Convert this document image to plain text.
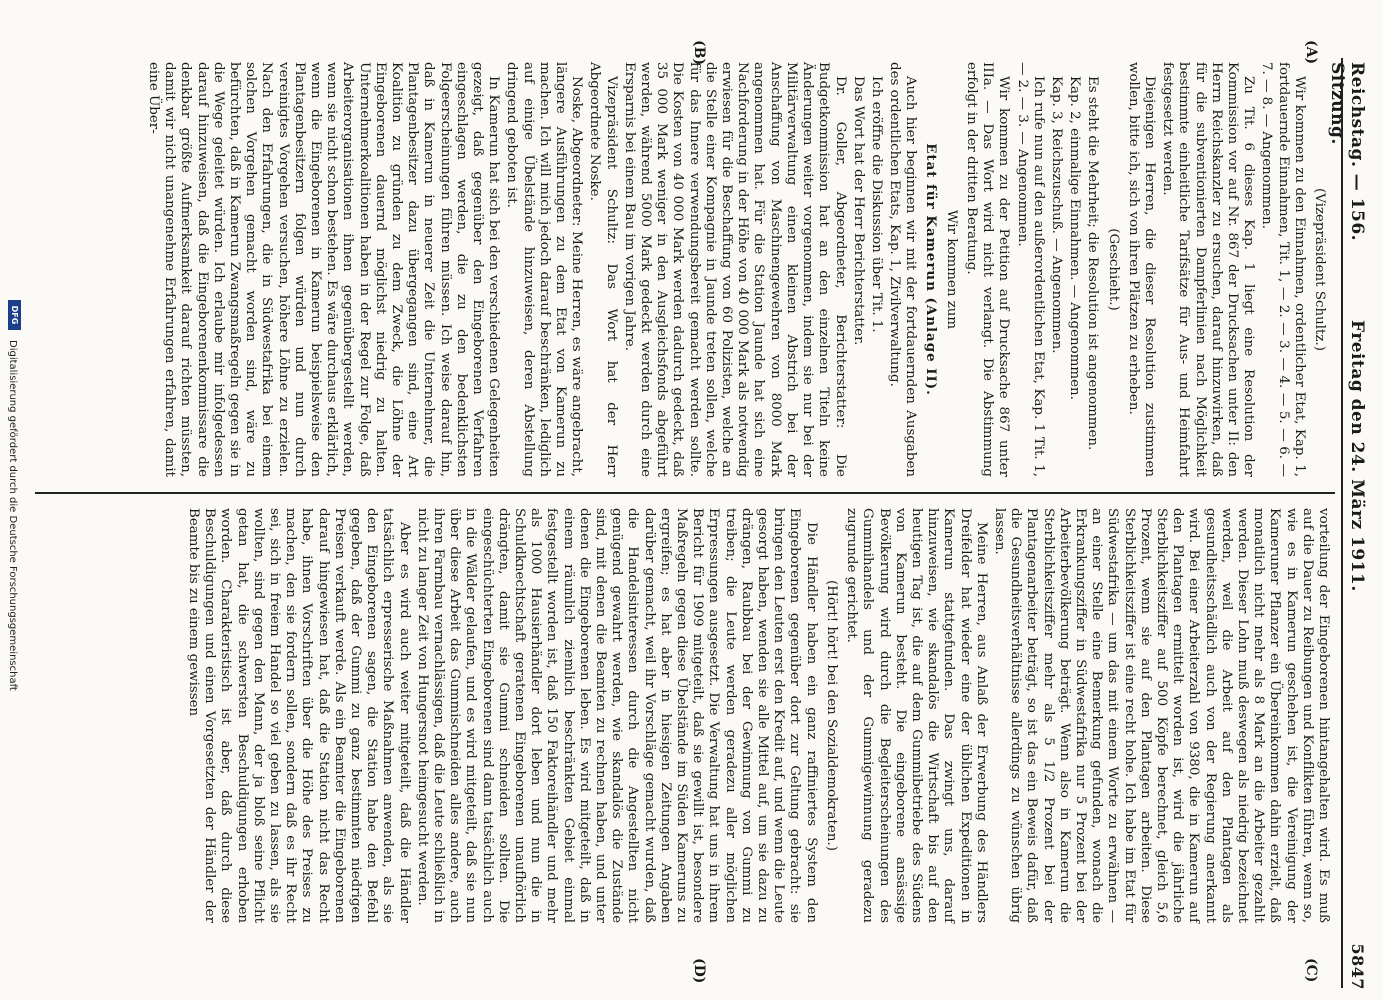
Reichstag. — 156. Sitzung.
Freitag den 24. März 1911.
5847
(A)
(B)
(C)
(D)

(Vizepräsident Schultz.)

Wir kommen zu den Einnahmen, ordentlicher Etat, Kap. 1, fortdauernde Einnahmen, Tit. 1, — 2. — 3. — 4. — 5. — 6. — 7. — 8. — Angenommen.

Zu Tit. 6 dieses Kap. 1 liegt eine Resolution der Kommission vor auf Nr. 867 der Drucksachen unter II: den Herrn Reichskanzler zu ersuchen, darauf hinzuwirken, daß für die subventionierten Dampferlinien nach Möglichkeit bestimmte einheitliche Tarifsätze für Aus- und Heimfahrt festgesetzt werden.

Diejenigen Herren, die dieser Resolution zustimmen wollen, bitte ich, sich von ihren Plätzen zu erheben.

(Geschieht.)

Es steht die Mehrheit; die Resolution ist angenommen.

Kap. 2, einmalige Einnahmen. — Angenommen.

Kap. 3, Reichszuschuß. — Angenommen.

Ich rufe nun auf den außerordentlichen Etat, Kap. 1 Tit. 1, — 2. — 3. — Angenommen.

Wir kommen zu der Petition auf Drucksache 867 unter IIIa. — Das Wort wird nicht verlangt. Die Abstimmung erfolgt in der dritten Beratung.

Wir kommen zum

Etat für Kamerun (Anlage II).

Auch hier beginnen wir mit der fortdauernden Ausgaben des ordentlichen Etats, Kap. 1, Zivilverwaltung.

Ich eröffne die Diskussion über Tit. 1.

Das Wort hat der Herr Berichterstatter.

Dr. Goller, Abgeordneter, Berichterstatter: Die Budgetkommission hat an den einzelnen Titeln keine Änderungen weiter vorgenommen, indem sie nur bei der Militärverwaltung einen kleinen Abstrich bei der Anschaffung von Maschinengewehren von 8000 Mark angenommen hat. Für die Station Jaunde hat sich eine Nachforderung in der Höhe von 40 000 Mark als notwendig erwiesen für die Beschaffung von 60 Polizisten, welche an die Stelle einer Kompagnie in Jaunde treten sollen, welche für das Innere verwendungsbereit gemacht werden sollte. Die Kosten von 40 000 Mark werden dadurch gedeckt, daß 35 000 Mark weniger in den Ausgleichsfonds abgeführt werden, während 5000 Mark gedeckt werden durch eine Ersparnis bei einem Bau im vorigen Jahre.

Vizepräsident Schultz: Das Wort hat der Herr Abgeordnete Noske.

Noske, Abgeordneter: Meine Herren, es wäre angebracht, längere Ausführungen zu dem Etat von Kamerun zu machen. Ich will mich jedoch darauf beschränken, lediglich auf einige Übelstände hinzuweisen, deren Abstellung dringend geboten ist.

In Kamerun hat sich bei den verschiedenen Gelegenheiten gezeigt, daß gegenüber den Eingeborenen Verfahren eingeschlagen werden, die zu den bedenklichsten Folgeerscheinungen führen müssen. Ich weise darauf hin, daß in Kamerun in neuerer Zeit die Unternehmer, die Plantagenbesitzer dazu übergegangen sind, eine Art Koalition zu gründen zu dem Zweck, die Löhne der Eingeborenen dauernd möglichst niedrig zu halten. Unternehmerkoalitionen haben in der Regel zur Folge, daß Arbeiterorganisationen ihnen gegenübergestellt werden, wenn sie nicht schon bestehen. Es wäre durchaus erklärlich, wenn die Eingeborenen in Kamerun beispielsweise den Plantagenbesitzern folgen würden und nun durch vereinigtes Vorgehen versuchen, höhere Löhne zu erzielen. Nach den Erfahrungen, die in Südwestafrika bei einem solchen Vorgehen gemacht worden sind, wäre zu befürchten, daß in Kamerun Zwangsmaßregeln gegen sie in die Wege geleitet würden. Ich erlaube mir infolgedessen darauf hinzuweisen, daß die Eingeborenenkommissare die denkbar größte Aufmerksamkeit darauf richten müssten, damit wir nicht unangenehme Erfahrungen erfahren, damit eine Über-

vorteilung der Eingeborenen hintangehalten wird. Es muß auf die Dauer zu Reibungen und Konflikten führen, wenn so, wie es in Kamerun geschehen ist, die Vereinigung der Kameruner Pflanzer ein Übereinkommen dahin erzielt, daß monatlich nicht mehr als 8 Mark an die Arbeiter gezahlt werden. Dieser Lohn muß deswegen als niedrig bezeichnet werden, weil die Arbeit auf den Plantagen als gesundheitsschädlich auch von der Regierung anerkannt wird. Bei einer Arbeiterzahl von 9380, die in Kamerun auf den Plantagen ermittelt worden ist, wird die jährliche Sterblichkeitsziffer auf 500 Köpfe berechnet, gleich 5,6 Prozent, wenn sie auf den Plantagen arbeiten. Diese Sterblichkeitsziffer ist eine recht hohe. Ich habe im Etat für Südwestafrika — um das mit einem Worte zu erwähnen — an einer Stelle eine Bemerkung gefunden, wonach die Erkrankungsziffer in Südwestafrika nur 5 Prozent bei der Arbeiterbevölkerung beträgt. Wenn also in Kamerun die Sterblichkeitsziffer mehr als 5 1/2 Prozent bei der Plantagenarbeiter beträgt, so ist das ein Beweis dafür, daß die Gesundheitsverhältnisse allerdings zu wünschen übrig lassen.

Meine Herren, aus Anlaß der Erwerbung des Händlers Dreifelder hat wieder eine der üblichen Expeditionen in Kamerun stattgefunden. Das zwingt uns, darauf hinzuweisen, wie skandalös die Wirtschaft bis auf den heutigen Tag ist, die auf dem Gummibetriebe des Südens von Kamerun besteht. Die eingeborene ansässige Bevölkerung wird durch die Begleiterscheinungen des Gummihandels und der Gummigewinnung geradezu zugrunde gerichtet.

(Hört! hört! bei den Sozialdemokraten.)

Die Händler haben ein ganz raffiniertes System den Eingeborenen gegenüber dort zur Geltung gebracht: sie bringen den Leuten erst den Kredit auf, und wenn die Leute gesorgt haben, wenden sie alle Mittel auf, um sie dazu zu drängen, Raubbau bei der Gewinnung von Gummi zu treiben; die Leute werden geradezu aller möglichen Erpressungen ausgesetzt. Die Verwaltung hat uns in ihrem Bericht für 1909 mitgeteilt, daß sie gewillt ist, besondere Maßregeln gegen diese Übelstände im Süden Kameruns zu ergreifen; es hat aber in hiesigen Zeitungen Angaben darüber gemacht, weil ihr Vorschläge gemacht wurden, daß die Handelsinteressen durch die Angestellten nicht genügend gewahrt werden, wie skandalös die Zustände sind, mit denen die Beamten zu rechnen haben, und unter denen die Eingeborenen leben. Es wird mitgeteilt, daß in einem räumlich ziemlich beschränkten Gebiet einmal festgestellt worden ist, daß 150 Faktoreihändler und mehr als 1000 Hausierhändler dort leben und nun die in Schuldknechtschaft geratenen Eingeborenen unaufhörlich drängten, damit sie Gummi schneiden sollten. Die eingeschüchterten Eingeborenen sind dann tatsächlich auch in die Wälder gelaufen, und es wird mitgeteilt, daß sie nun über diese Arbeit das Gummischneiden alles andere, auch ihren Farmbau vernachlässigen, daß die Leute schließlich in nicht zu langer Zeit von Hungersnot heimgesucht werden.

Aber es wird auch weiter mitgeteilt, daß die Händler tatsächlich erpresserische Maßnahmen anwenden, als sie den Eingeborenen sagen, die Station habe den Befehl gegeben, daß der Gummi zu ganz bestimmten niedrigen Preisen verkauft werde. Als ein Beamter die Eingeborenen darauf hingewiesen hat, daß die Station nicht das Recht habe, ihnen Vorschriften über die Höhe des Preises zu machen, den sie fordern sollen, sondern daß es ihr Recht sei, sich in freiem Handel so viel geben zu lassen, als sie wollten, sind gegen den Mann, der ja bloß seine Pflicht getan hat, die schwersten Beschuldigungen erhoben worden. Charakteristisch ist aber, daß durch diese Beschuldigungen und einen Vorgesetzten der Händler der Beamte bis zu einem gewissen

DFG
Digitalisierung gefördert durch die Deutsche Forschungsgemeinschaft
